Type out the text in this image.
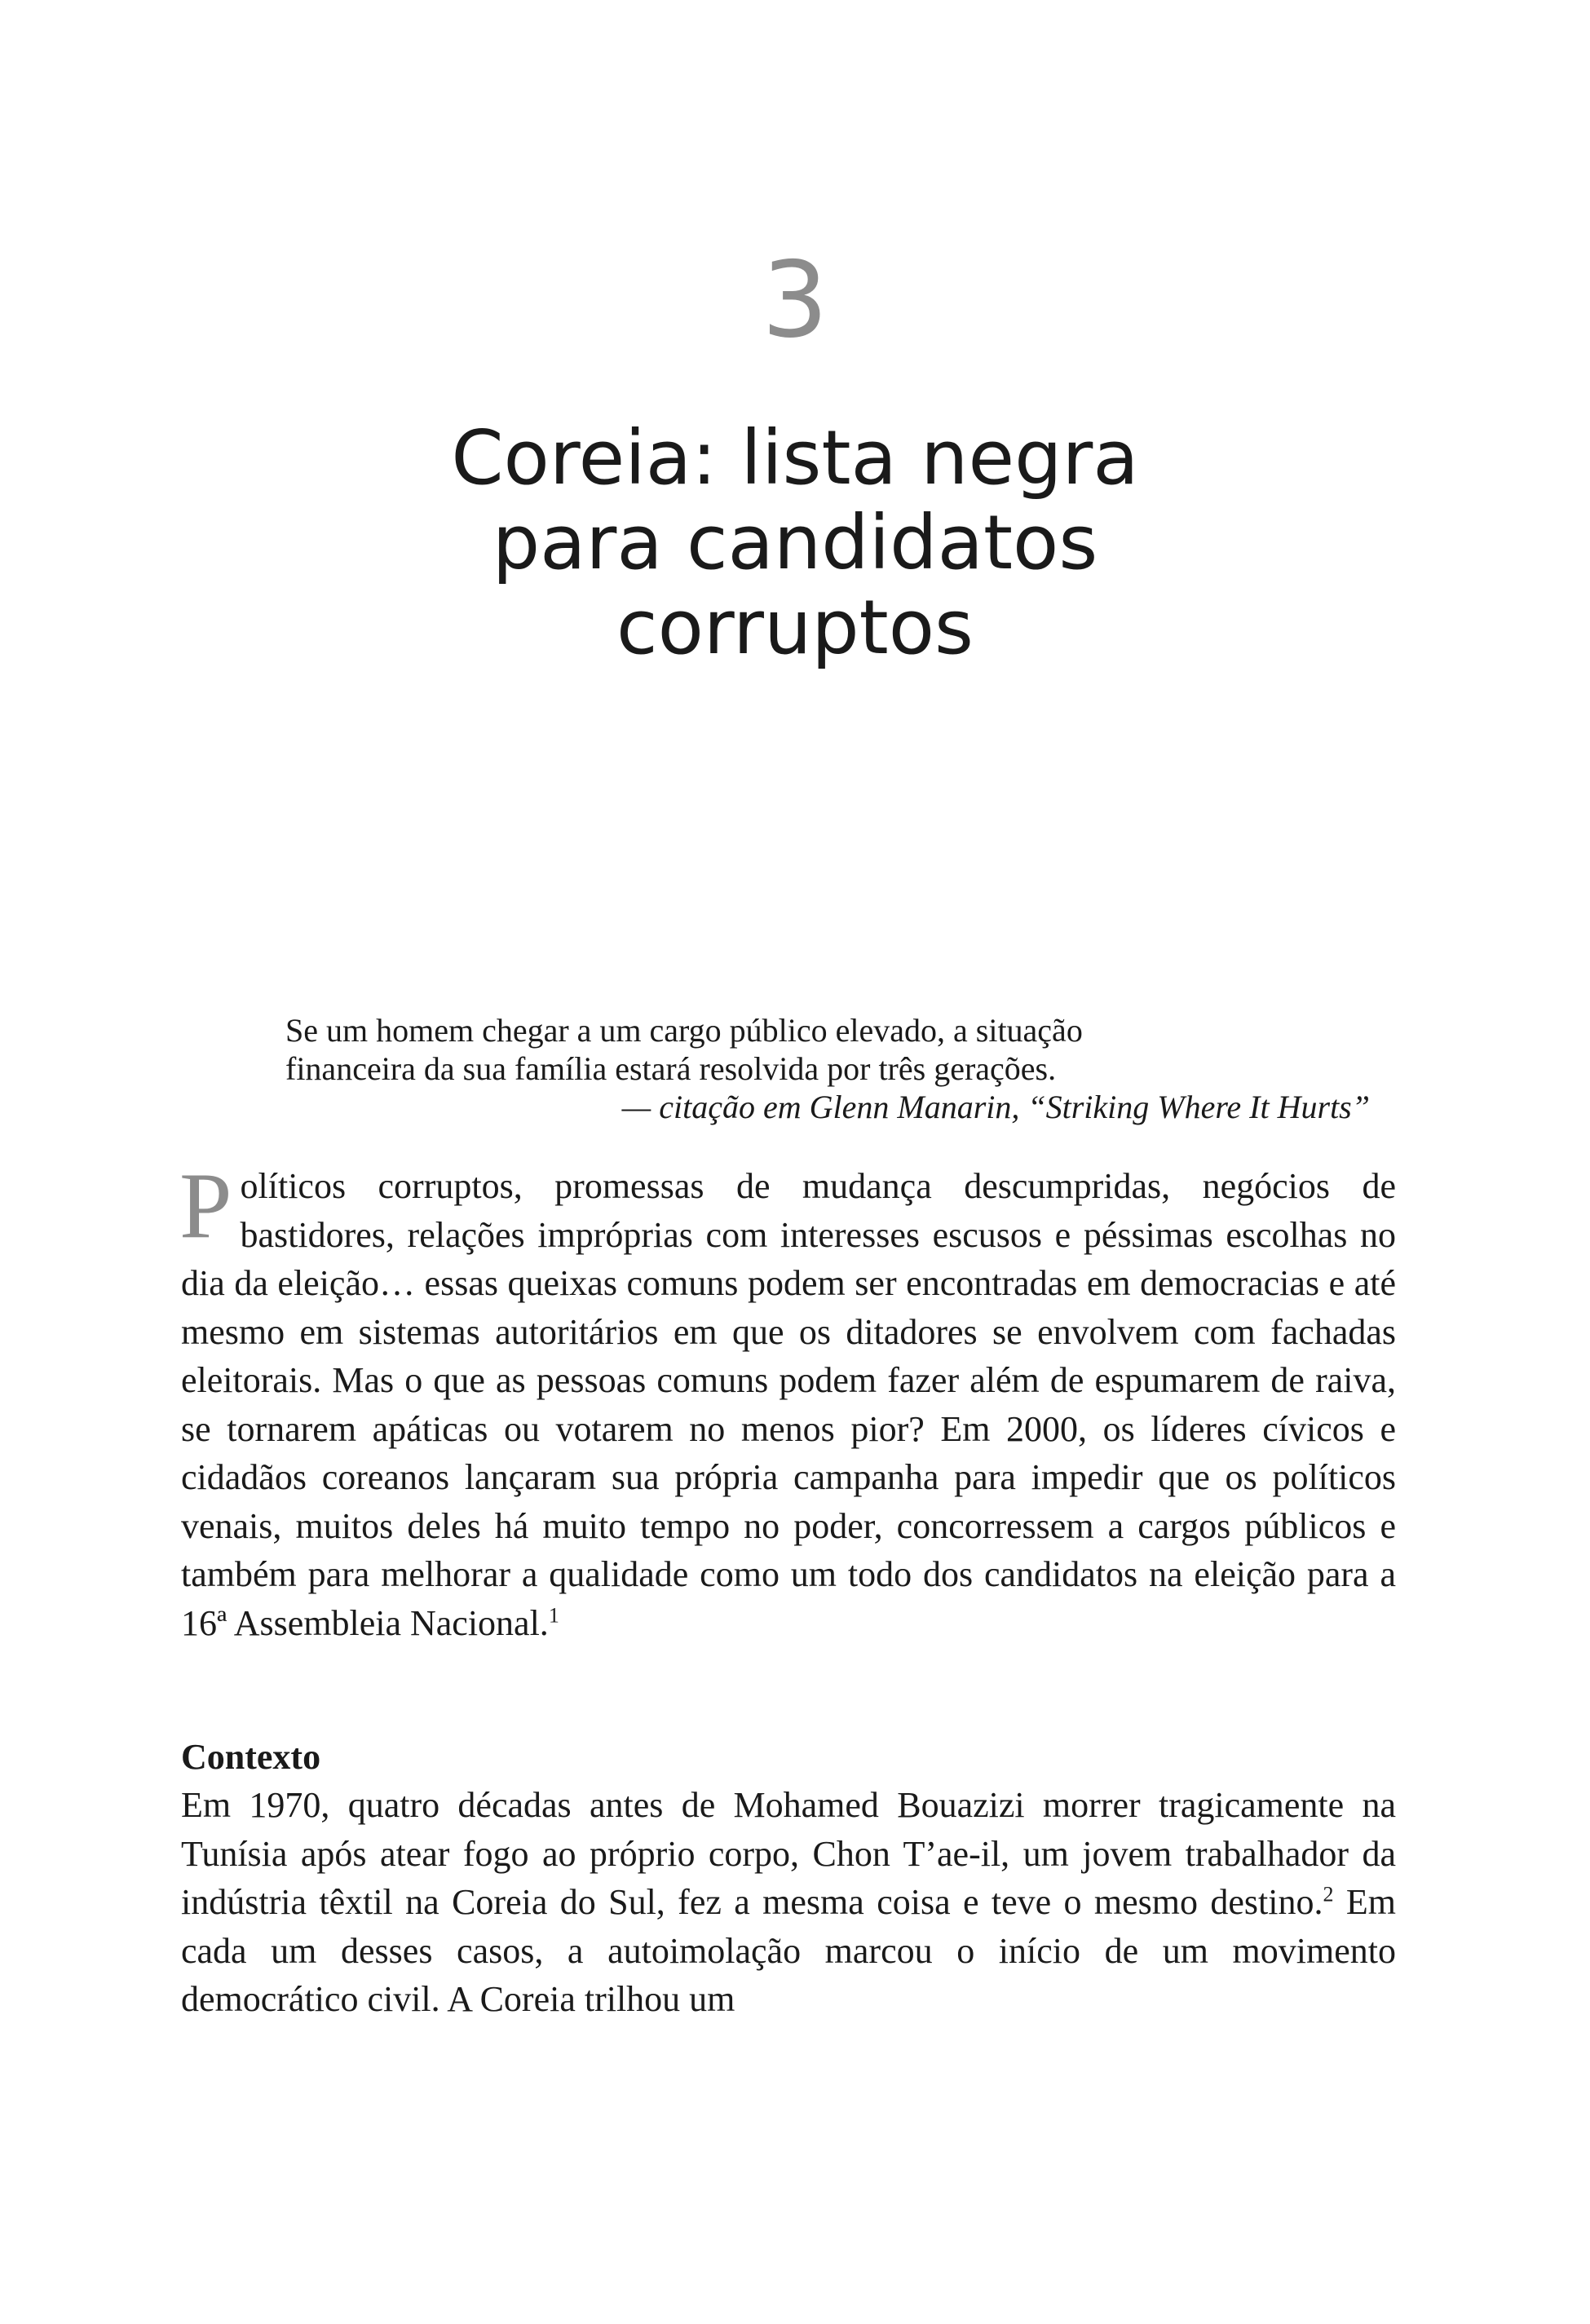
3
Coreia: lista negra
para candidatos
corruptos
Se um homem chegar a um cargo público elevado, a situação
financeira da sua família estará resolvida por três gerações.
— citação em Glenn Manarin, “Striking Where It Hurts”
Políticos corruptos, promessas de mudança descumpridas, negócios de bastidores, relações impróprias com interesses escusos e péssimas escolhas no dia da eleição… essas queixas comuns podem ser encontradas em democracias e até mesmo em sistemas autoritários em que os ditadores se envolvem com fachadas eleitorais. Mas o que as pessoas comuns podem fazer além de espumarem de raiva, se tornarem apáticas ou votarem no menos pior? Em 2000, os líderes cívicos e cidadãos coreanos lançaram sua própria campanha para impedir que os políticos venais, muitos deles há muito tempo no poder, concorressem a cargos públicos e também para melhorar a qualidade como um todo dos candidatos na eleição para a 16ª Assembleia Nacional.$^1$
Contexto
Em 1970, quatro décadas antes de Mohamed Bouazizi morrer tragicamente na Tunísia após atear fogo ao próprio corpo, Chon T’ae-il, um jovem trabalhador da indústria têxtil na Coreia do Sul, fez a mesma coisa e teve o mesmo destino.$^2$ Em cada um desses casos, a autoimolação marcou o início de um movimento democrático civil. A Coreia trilhou um
